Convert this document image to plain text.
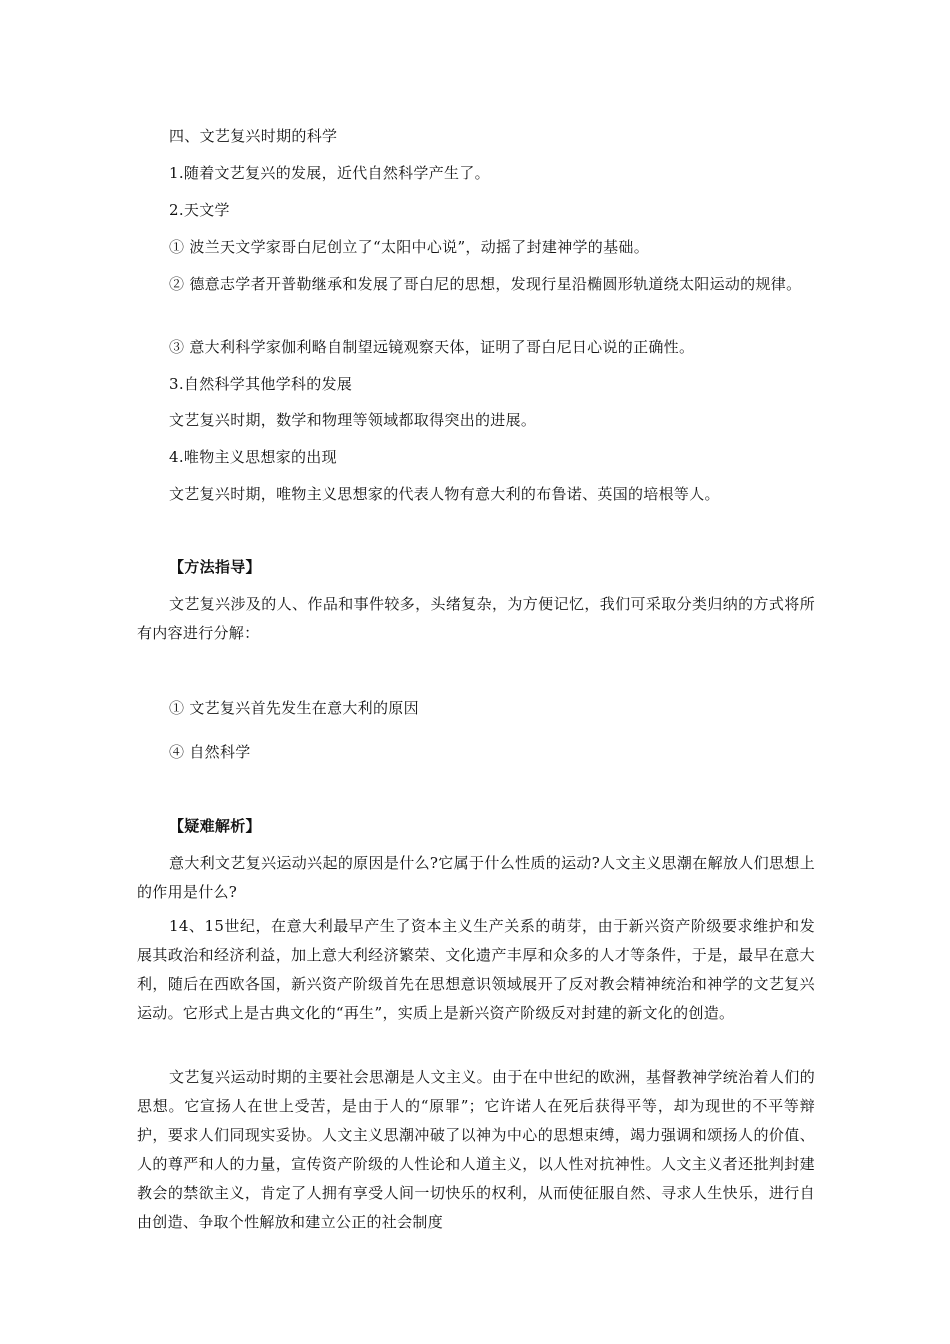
四、文艺复兴时期的科学

1.随着文艺复兴的发展，近代自然科学产生了。

2.天文学

① 波兰天文学家哥白尼创立了“太阳中心说”，动摇了封建神学的基础。

② 德意志学者开普勒继承和发展了哥白尼的思想，发现行星沿椭圆形轨道绕太阳运动的规律。

③ 意大利科学家伽利略自制望远镜观察天体，证明了哥白尼日心说的正确性。

3.自然科学其他学科的发展

文艺复兴时期，数学和物理等领域都取得突出的进展。

4.唯物主义思想家的出现

文艺复兴时期，唯物主义思想家的代表人物有意大利的布鲁诺、英国的培根等人。

【方法指导】

文艺复兴涉及的人、作品和事件较多，头绪复杂，为方便记忆，我们可采取分类归纳的方式将所有内容进行分解：

① 文艺复兴首先发生在意大利的原因

④ 自然科学

【疑难解析】

意大利文艺复兴运动兴起的原因是什么?它属于什么性质的运动?人文主义思潮在解放人们思想上的作用是什么?

14、15世纪，在意大利最早产生了资本主义生产关系的萌芽，由于新兴资产阶级要求维护和发展其政治和经济利益，加上意大利经济繁荣、文化遗产丰厚和众多的人才等条件，于是，最早在意大利，随后在西欧各国，新兴资产阶级首先在思想意识领域展开了反对教会精神统治和神学的文艺复兴运动。它形式上是古典文化的“再生”，实质上是新兴资产阶级反对封建的新文化的创造。

文艺复兴运动时期的主要社会思潮是人文主义。由于在中世纪的欧洲，基督教神学统治着人们的思想。它宣扬人在世上受苦，是由于人的“原罪”；它许诺人在死后获得平等，却为现世的不平等辩护，要求人们同现实妥协。人文主义思潮冲破了以神为中心的思想束缚，竭力强调和颂扬人的价值、人的尊严和人的力量，宣传资产阶级的人性论和人道主义，以人性对抗神性。人文主义者还批判封建教会的禁欲主义，肯定了人拥有享受人间一切快乐的权利，从而使征服自然、寻求人生快乐，进行自由创造、争取个性解放和建立公正的社会制度
